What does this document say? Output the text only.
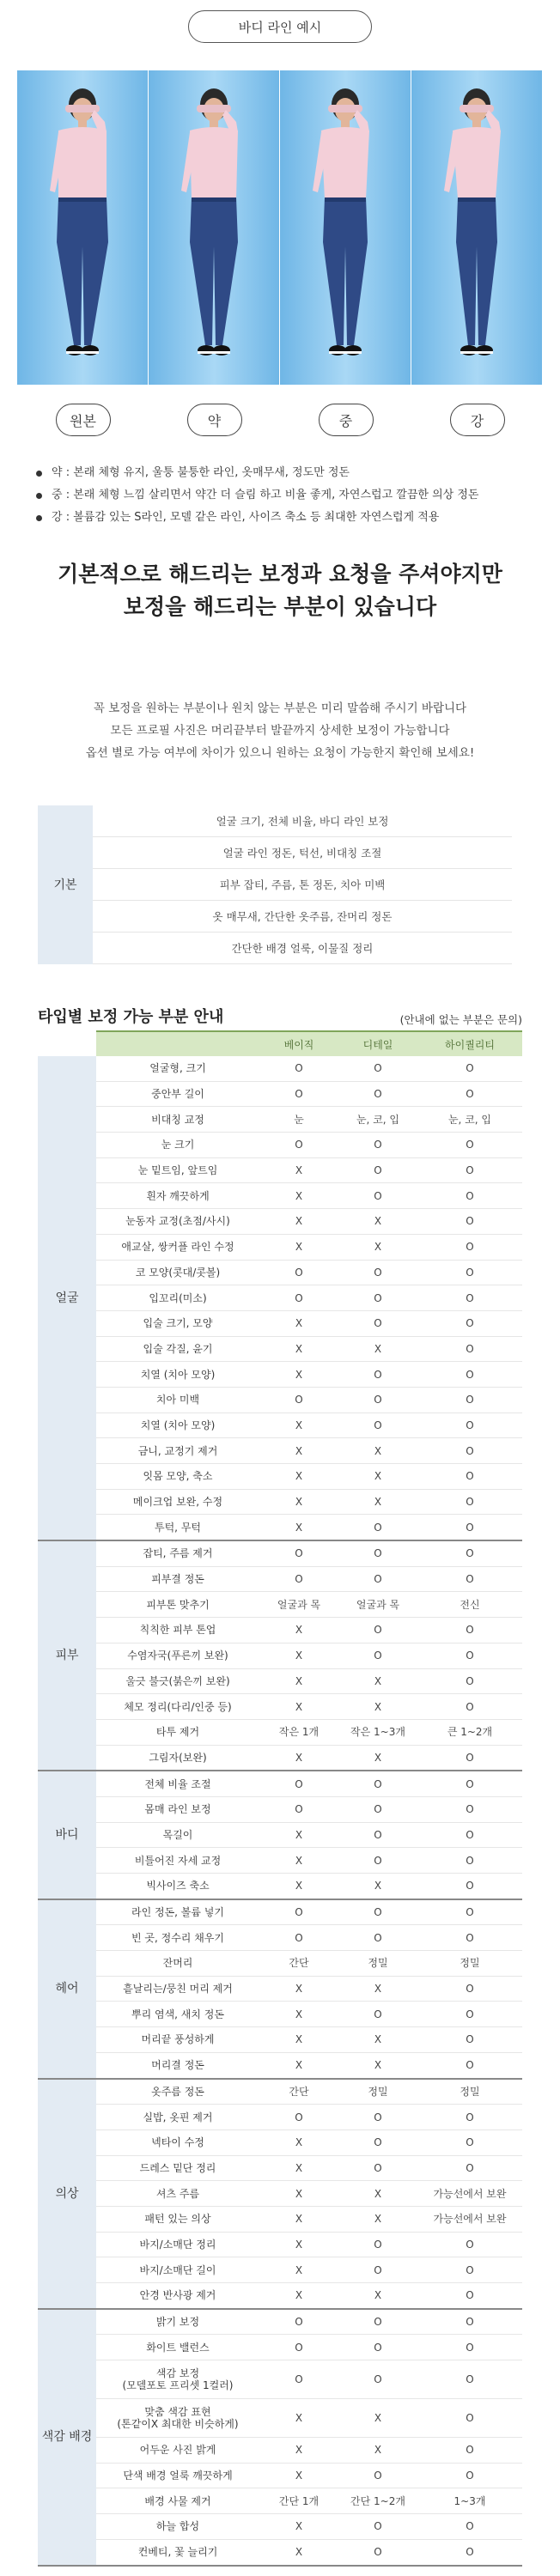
바디 라인 예시
원본	약	중	강
약 : 본래 체형 유지, 울퉁 불퉁한 라인, 옷매무새, 정도만 정돈
중 : 본래 체형 느낌 살리면서 약간 더 슬림 하고 비율 좋게, 자연스럽고 깔끔한 의상 정돈
강 : 볼륨감 있는 S라인, 모델 같은 라인, 사이즈 축소 등 최대한 자연스럽게 적용
기본적으로 해드리는 보정과 요청을 주셔야지만
보정을 해드리는 부분이 있습니다
꼭 보정을 원하는 부분이나 원치 않는 부분은 미리 말씀해 주시기 바랍니다
모든 프로필 사진은 머리끝부터 발끝까지 상세한 보정이 가능합니다
옵션 별로 가능 여부에 차이가 있으니 원하는 요청이 가능한지 확인해 보세요!
기본	얼굴 크기, 전체 비율, 바디 라인 보정
얼굴 라인 정돈, 턱선, 비대칭 조절
피부 잡티, 주름, 톤 정돈, 치아 미백
옷 매무새, 간단한 옷주름, 잔머리 정돈
간단한 배경 얼룩, 이물질 정리
타입별 보정 가능 부분 안내	(안내에 없는 부분은 문의)
		베이직	디테일	하이퀄리티
얼굴	얼굴형, 크기	O	O	O
	중안부 길이	O	O	O
	비대칭 교정	눈	눈, 코, 입	눈, 코, 입
	눈 크기	O	O	O
	눈 밑트임, 앞트임	X	O	O
	흰자 깨끗하게	X	O	O
	눈동자 교정(초점/사시)	X	X	O
	애교살, 쌍커플 라인 수정	X	X	O
	코 모양(콧대/콧볼)	O	O	O
	입꼬리(미소)	O	O	O
	입술 크기, 모양	X	O	O
	입술 각질, 윤기	X	X	O
	치열 (치아 모양)	X	O	O
	치아 미백	O	O	O
	치열 (치아 모양)	X	O	O
	금니, 교정기 제거	X	X	O
	잇몸 모양, 축소	X	X	O
	메이크업 보완, 수정	X	X	O
	투턱, 무턱	X	O	O
피부	잡티, 주름 제거	O	O	O
	피부결 정돈	O	O	O
	피부톤 맞추기	얼굴과 목	얼굴과 목	전신
	칙칙한 피부 톤업	X	O	O
	수염자국(푸른끼 보완)	X	O	O
	울긋 불긋(붉은끼 보완)	X	X	O
	체모 정리(다리/인중 등)	X	X	O
	타투 제거	작은 1개	작은 1~3개	큰 1~2개
	그림자(보완)	X	X	O
바디	전체 비율 조절	O	O	O
	몸매 라인 보정	O	O	O
	목길이	X	O	O
	비틀어진 자세 교정	X	O	O
	빅사이즈 축소	X	X	O
헤어	라인 정돈, 볼륨 넣기	O	O	O
	빈 곳, 정수리 채우기	O	O	O
	잔머리	간단	정밀	정밀
	흩날리는/뭉친 머리 제거	X	X	O
	뿌리 염색, 새치 정돈	X	O	O
	머리끝 풍성하게	X	X	O
	머리결 정돈	X	X	O
의상	옷주름 정돈	간단	정밀	정밀
	실밥, 옷핀 제거	O	O	O
	넥타이 수정	X	O	O
	드레스 밑단 정리	X	O	O
	셔츠 주름	X	X	가능선에서 보완
	패턴 있는 의상	X	X	가능선에서 보완
	바지/소매단 정리	X	O	O
	바지/소매단 길이	X	O	O
	안경 반사광 제거	X	X	O
색감 배경	밝기 보정	O	O	O
	화이트 밸런스	O	O	O
	색감 보정
(모델포토 프리셋 1컬러)	O	O	O
	맞춤 색감 표현
(톤같이X 최대한 비슷하게)	X	X	O
	어두운 사진 밝게	X	X	O
	단색 배경 얼룩 깨끗하게	X	O	O
	배경 사물 제거	간단 1개	간단 1~2개	1~3개
	하늘 합성	X	O	O
	컨베티, 꽃 늘리기	X	O	O
